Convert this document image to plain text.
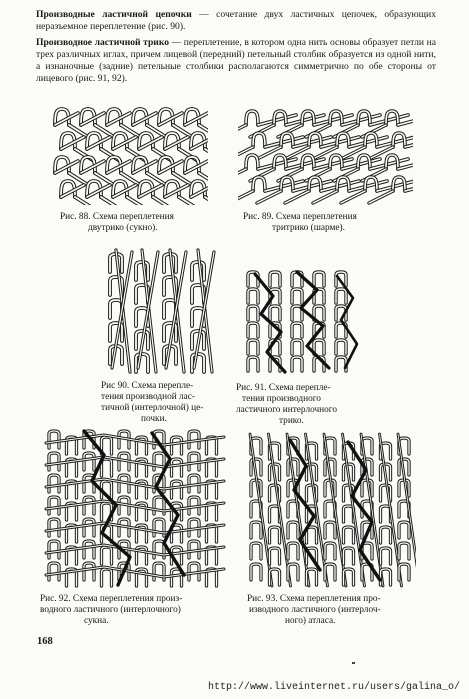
Производные ластичной цепочки — сочетание двух ластичных цепочек, образующих неразъемное переплетение (рис. 90).

Производное ластичной трико — переплетение, в котором одна нить основы образует петли на трех различных иглах, причем лицевой (передний) петельный столбик образуется из одной нити, а изнаночные (задние) петельные столбики располагаются симметрично по обе стороны от лицевого (рис. 91, 92).

Рис. 88. Схема переплетения
двутрико (сукно).
Рис. 89. Схема переплетения
тритрико (шарме).
Рис 90. Схема перепле-
тения производной лас-
тичной (интерлочной) це-
почки.
Рис. 91. Схема перепле-
тения производного
ластичного интерлочного
трико.
Рис. 92. Схема переплетения произ-
водного ластичного (интерлочного)
сукна.
Рис. 93. Схема переплетения про-
изводного ластичного (интерлоч-
ного) атласа.
168
http://www.liveinternet.ru/users/galina_o/
